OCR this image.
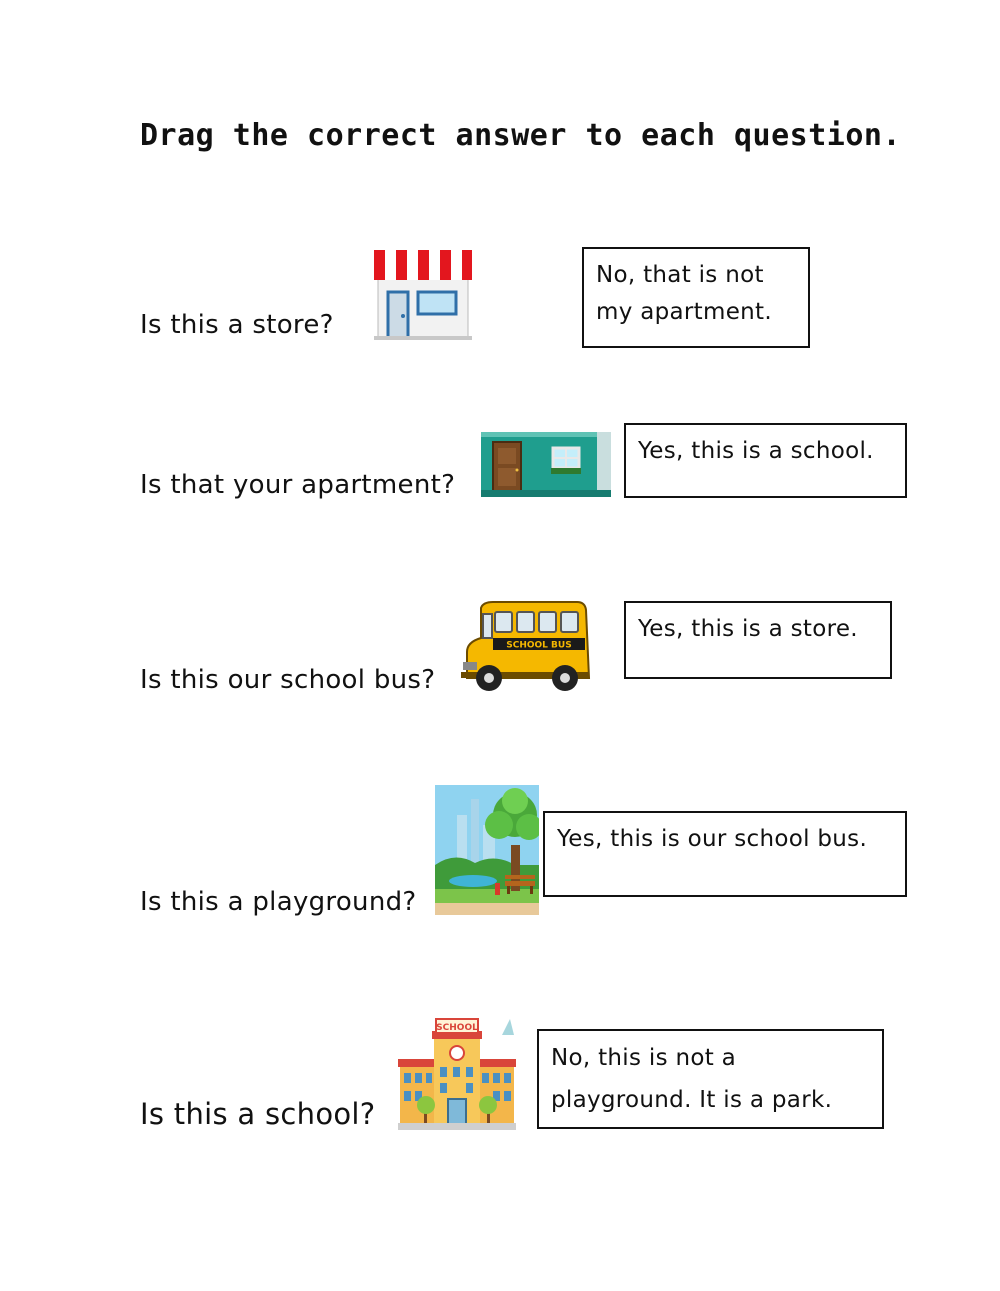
Drag the correct answer to each question.
Is this a store?
No, that is not
my apartment.
Is that your apartment?
Yes, this is a school.
Is this our school bus?
SCHOOL BUS
Yes, this is a store.
Is this a playground?
Yes, this is our school bus.
Is this a school?
SCHOOL
No, this is not a
playground. It is a park.
